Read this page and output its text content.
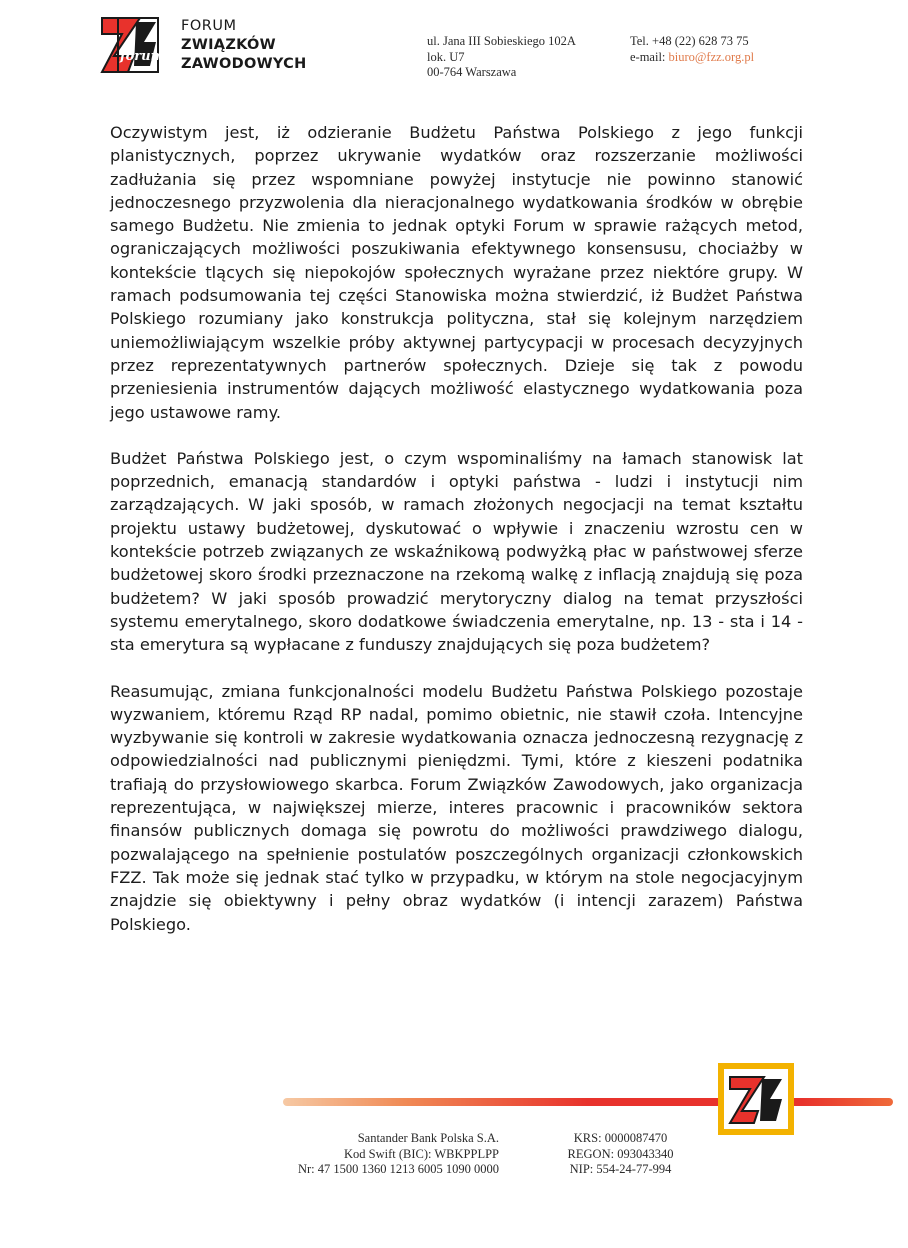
forum
FORUM
ZWIĄZKÓW
ZAWODOWYCH
ul. Jana III Sobieskiego 102A
lok. U7
00-764 Warszawa
Tel. +48 (22) 628 73 75
e-mail: biuro@fzz.org.pl

Oczywistym jest, iż odzieranie Budżetu Państwa Polskiego z jego funkcji planistycznych, poprzez ukrywanie wydatków oraz rozszerzanie możliwości zadłużania się przez wspomniane powyżej instytucje nie powinno stanowić jednoczesnego przyzwolenia dla nieracjonalnego wydatkowania środków w obrębie samego Budżetu. Nie zmienia to jednak optyki Forum w sprawie rażących metod, ograniczających możliwości poszukiwania efektywnego konsensusu, chociażby w kontekście tlących się niepokojów społecznych wyrażane przez niektóre grupy. W ramach podsumowania tej części Stanowiska można stwierdzić, iż Budżet Państwa Polskiego rozumiany jako konstrukcja polityczna, stał się kolejnym narzędziem uniemożliwiającym wszelkie próby aktywnej partycypacji w procesach decyzyjnych przez reprezentatywnych partnerów społecznych. Dzieje się tak z powodu przeniesienia instrumentów dających możliwość elastycznego wydatkowania poza jego ustawowe ramy.

Budżet Państwa Polskiego jest, o czym wspominaliśmy na łamach stanowisk lat poprzednich, emanacją standardów i optyki państwa - ludzi i instytucji nim zarządzających. W jaki sposób, w ramach złożonych negocjacji na temat kształtu projektu ustawy budżetowej, dyskutować o wpływie i znaczeniu wzrostu cen w kontekście potrzeb związanych ze wskaźnikową podwyżką płac w państwowej sferze budżetowej skoro środki przeznaczone na rzekomą walkę z inflacją znajdują się poza budżetem? W jaki sposób prowadzić merytoryczny dialog na temat przyszłości systemu emerytalnego, skoro dodatkowe świadczenia emerytalne, np. 13 - sta i 14 - sta emerytura są wypłacane z funduszy znajdujących się poza budżetem?

Reasumując, zmiana funkcjonalności modelu Budżetu Państwa Polskiego pozostaje wyzwaniem, któremu Rząd RP nadal, pomimo obietnic, nie stawił czoła. Intencyjne wyzbywanie się kontroli w zakresie wydatkowania oznacza jednoczesną rezygnację z odpowiedzialności nad publicznymi pieniędzmi. Tymi, które z kieszeni podatnika trafiają do przysłowiowego skarbca. Forum Związków Zawodowych, jako organizacja reprezentująca, w największej mierze, interes pracownic i pracowników sektora finansów publicznych domaga się powrotu do możliwości prawdziwego dialogu, pozwalającego na spełnienie postulatów poszczególnych organizacji członkowskich FZZ. Tak może się jednak stać tylko w przypadku, w którym na stole negocjacyjnym znajdzie się obiektywny i pełny obraz wydatków (i intencji zarazem) Państwa Polskiego.

Santander Bank Polska S.A.
Kod Swift (BIC): WBKPPLPP
Nr: 47 1500 1360 1213 6005 1090 0000
KRS: 0000087470
REGON: 093043340
NIP: 554-24-77-994
